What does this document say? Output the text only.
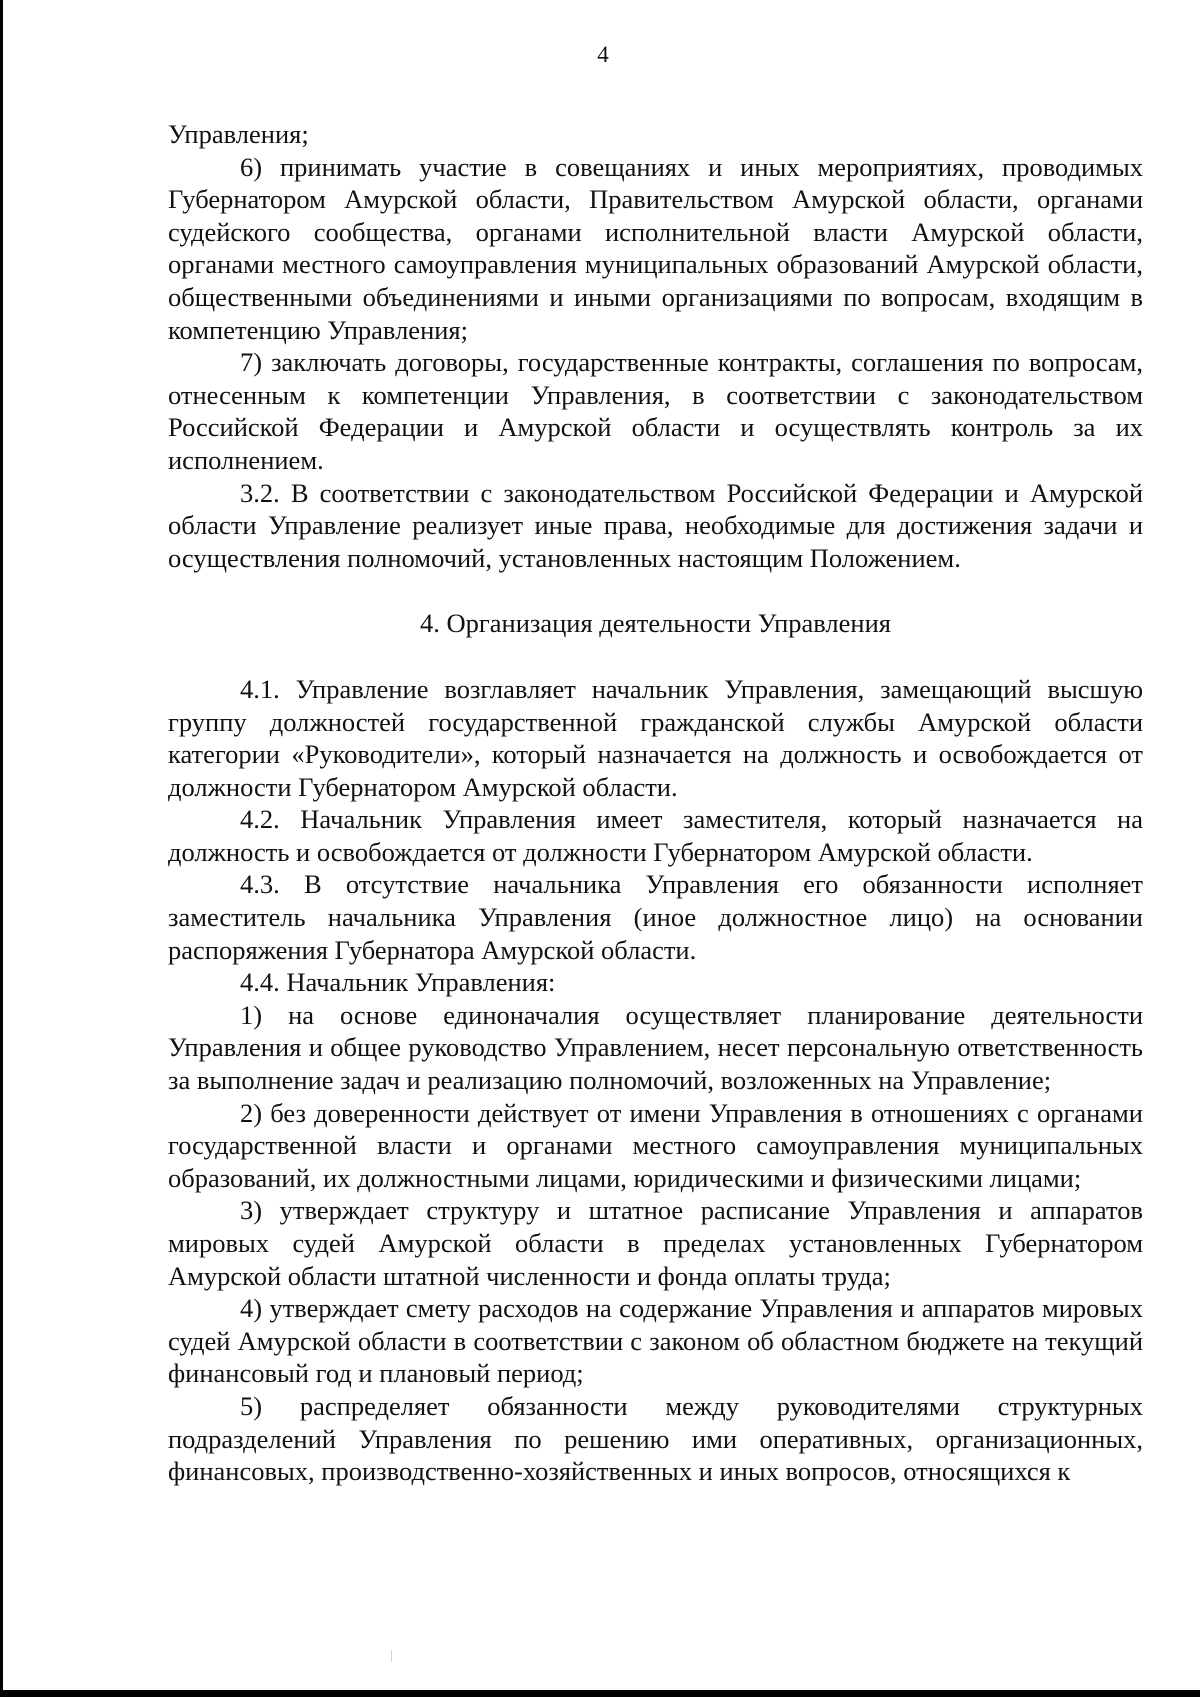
4

Управления;

6) принимать участие в совещаниях и иных мероприятиях, проводимых Губернатором Амурской области, Правительством Амурской области, органами судейского сообщества, органами исполнительной власти Амурской области, органами местного самоуправления муниципальных образований Амурской области, общественными объединениями и иными организациями по вопросам, входящим в компетенцию Управления;

7) заключать договоры, государственные контракты, соглашения по вопросам, отнесенным к компетенции Управления, в соответствии с законодательством Российской Федерации и Амурской области и осуществлять контроль за их исполнением.

3.2. В соответствии с законодательством Российской Федерации и Амурской области Управление реализует иные права, необходимые для достижения задачи и осуществления полномочий, установленных настоящим Положением.

4. Организация деятельности Управления

4.1. Управление возглавляет начальник Управления, замещающий высшую группу должностей государственной гражданской службы Амурской области категории «Руководители», который назначается на должность и освобождается от должности Губернатором Амурской области.

4.2. Начальник Управления имеет заместителя, который назначается на должность и освобождается от должности Губернатором Амурской области.

4.3. В отсутствие начальника Управления его обязанности исполняет заместитель начальника Управления (иное должностное лицо) на основании распоряжения Губернатора Амурской области.

4.4. Начальник Управления:

1) на основе единоначалия осуществляет планирование деятельности Управления и общее руководство Управлением, несет персональную ответственность за выполнение задач и реализацию полномочий, возложенных на Управление;

2) без доверенности действует от имени Управления в отношениях с органами государственной власти и органами местного самоуправления муниципальных образований, их должностными лицами, юридическими и физическими лицами;

3) утверждает структуру и штатное расписание Управления и аппаратов мировых судей Амурской области в пределах установленных Губернатором Амурской области штатной численности и фонда оплаты труда;

4) утверждает смету расходов на содержание Управления и аппаратов мировых судей Амурской области в соответствии с законом об областном бюджете на текущий финансовый год и плановый период;

5) распределяет обязанности между руководителями структурных подразделений Управления по решению ими оперативных, организационных, финансовых, производственно-хозяйственных и иных вопросов, относящихся к
